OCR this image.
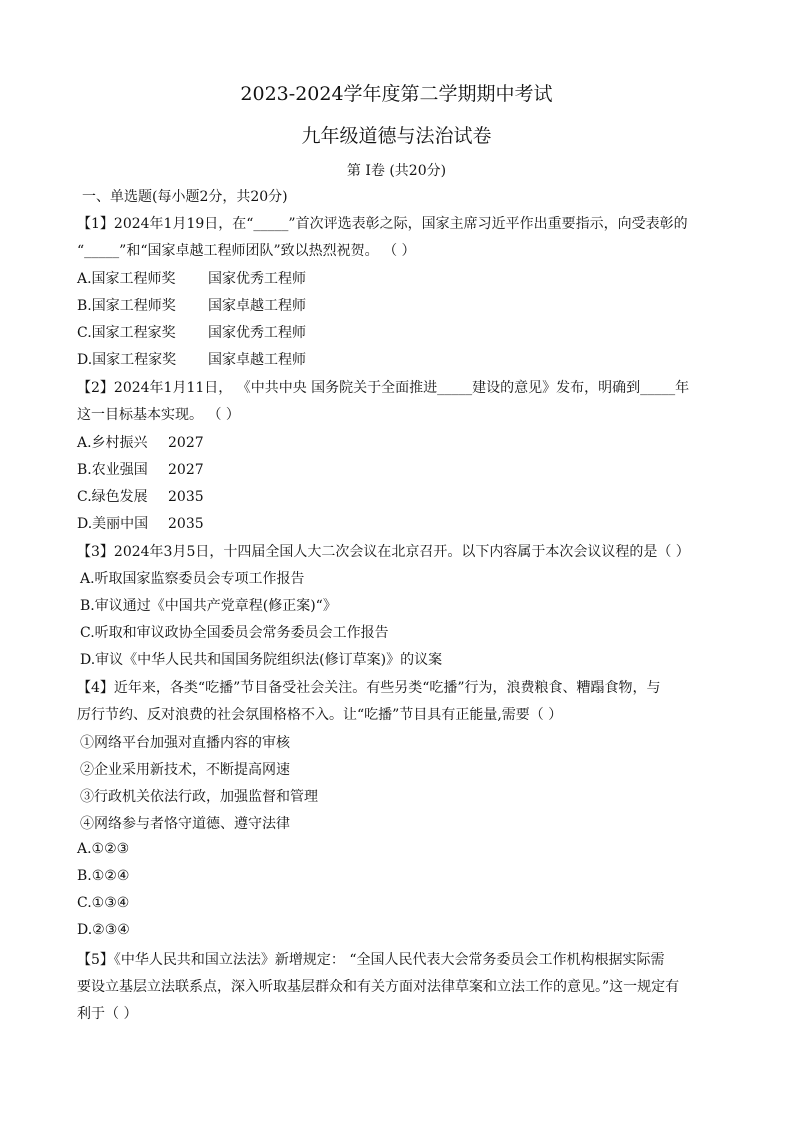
2023-2024学年度第二学期期中考试
九年级道德与法治试卷
第 Ⅰ卷 (共20分)
一、单选题(每小题2分，共20分)
【1】2024年1月19日，在“_____”首次评选表彰之际，国家主席习近平作出重要指示，向受表彰的
“_____”和“国家卓越工程师团队”致以热烈祝贺。 （ ）
A.国家工程师奖 国家优秀工程师
B.国家工程师奖 国家卓越工程师
C.国家工程家奖 国家优秀工程师
D.国家工程家奖 国家卓越工程师
【2】2024年1月11日， 《中共中央 国务院关于全面推进_____建设的意见》发布，明确到_____年
这一目标基本实现。 （ ）
A.乡村振兴 2027
B.农业强国 2027
C.绿色发展 2035
D.美丽中国 2035
【3】2024年3月5日，十四届全国人大二次会议在北京召开。以下内容属于本次会议议程的是（ ）
A.听取国家监察委员会专项工作报告
B.审议通过《中国共产党章程(修正案)“》
C.听取和审议政协全国委员会常务委员会工作报告
D.审议《中华人民共和国国务院组织法(修订草案)》的议案
【4】近年来，各类“吃播”节目备受社会关注。有些另类“吃播”行为，浪费粮食、糟蹋食物，与
厉行节约、反对浪费的社会氛围格格不入。让“吃播”节目具有正能量,需要（ ）
①网络平台加强对直播内容的审核
②企业采用新技术，不断提高网速
③行政机关依法行政，加强监督和管理
④网络参与者恪守道德、遵守法律
A.①②③
B.①②④
C.①③④
D.②③④
【5】《中华人民共和国立法法》新增规定： “全国人民代表大会常务委员会工作机构根据实际需
要设立基层立法联系点，深入听取基层群众和有关方面对法律草案和立法工作的意见。”这一规定有
利于（ ）
